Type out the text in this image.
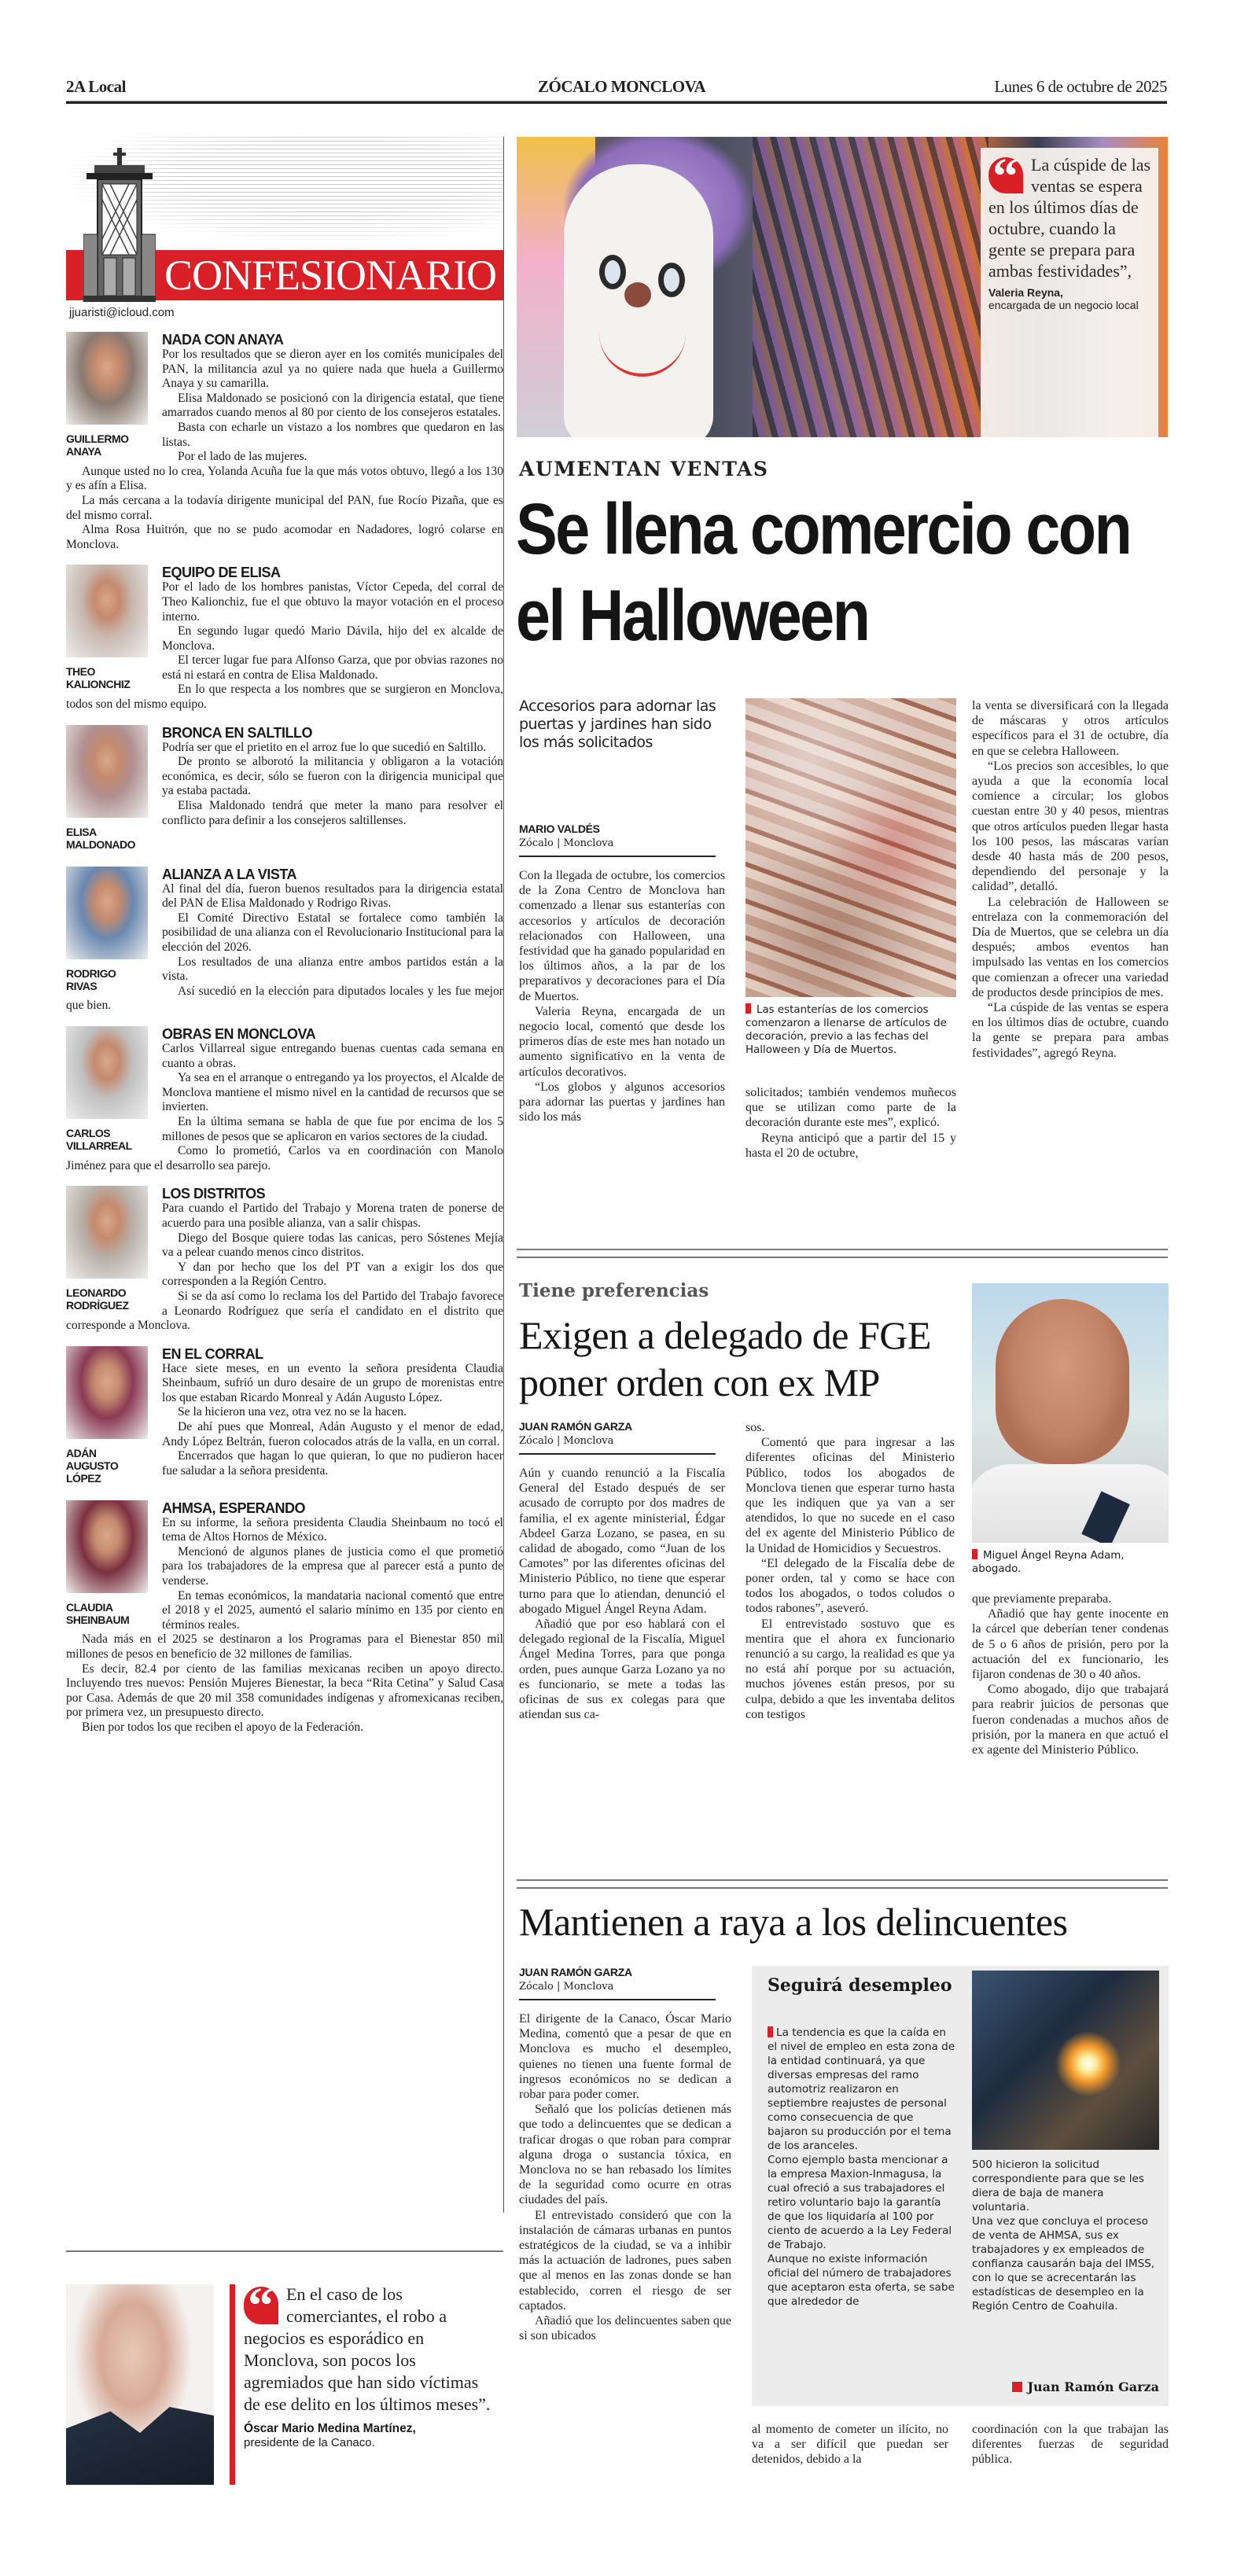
2A Local	ZÓCALO MONCLOVA	Lunes 6 de octubre de 2025
CONFESIONARIO
jjuaristi@icloud.com
GUILLERMO ANAYA
NADA CON ANAYA

Por los resultados que se dieron ayer en los comités municipales del PAN, la militancia azul ya no quiere nada que huela a Guillermo Anaya y su camarilla.

Elisa Maldonado se posicionó con la dirigencia estatal, que tiene amarrados cuando menos al 80 por ciento de los consejeros estatales.

Basta con echarle un vistazo a los nombres que quedaron en las listas.

Por el lado de las mujeres.

Aunque usted no lo crea, Yolanda Acuña fue la que más votos obtuvo, llegó a los 130 y es afín a Elisa.

La más cercana a la todavía dirigente municipal del PAN, fue Rocío Pizaña, que es del mismo corral.

Alma Rosa Huitrón, que no se pudo acomodar en Nadadores, logró colarse en Monclova.

THEO KALIONCHIZ
EQUIPO DE ELISA

Por el lado de los hombres panistas, Víctor Cepeda, del corral de Theo Kalionchiz, fue el que obtuvo la mayor votación en el proceso interno.

En segundo lugar quedó Mario Dávila, hijo del ex alcalde de Monclova.

El tercer lugar fue para Alfonso Garza, que por obvias razones no está ni estará en contra de Elisa Maldonado.

En lo que respecta a los nombres que se surgieron en Monclova, todos son del mismo equipo.

ELISA MALDONADO
BRONCA EN SALTILLO

Podría ser que el prietito en el arroz fue lo que sucedió en Saltillo.

De pronto se alborotó la militancia y obligaron a la votación económica, es decir, sólo se fueron con la dirigencia municipal que ya estaba pactada.

Elisa Maldonado tendrá que meter la mano para resolver el conflicto para definir a los consejeros saltillenses.

RODRIGO RIVAS
ALIANZA A LA VISTA

Al final del día, fueron buenos resultados para la dirigencia estatal del PAN de Elisa Maldonado y Rodrigo Rivas.

El Comité Directivo Estatal se fortalece como también la posibilidad de una alianza con el Revolucionario Institucional para la elección del 2026.

Los resultados de una alianza entre ambos partidos están a la vista.

Así sucedió en la elección para diputados locales y les fue mejor que bien.

CARLOS VILLARREAL
OBRAS EN MONCLOVA

Carlos Villarreal sigue entregando buenas cuentas cada semana en cuanto a obras.

Ya sea en el arranque o entregando ya los proyectos, el Alcalde de Monclova mantiene el mismo nivel en la cantidad de recursos que se invierten.

En la última semana se habla de que fue por encima de los 5 millones de pesos que se aplicaron en varios sectores de la ciudad.

Como lo prometió, Carlos va en coordinación con Manolo Jiménez para que el desarrollo sea parejo.

LEONARDO RODRÍGUEZ
LOS DISTRITOS

Para cuando el Partido del Trabajo y Morena traten de ponerse de acuerdo para una posible alianza, van a salir chispas.

Diego del Bosque quiere todas las canicas, pero Sóstenes Mejía va a pelear cuando menos cinco distritos.

Y dan por hecho que los del PT van a exigir los dos que corresponden a la Región Centro.

Si se da así como lo reclama los del Partido del Trabajo favorece a Leonardo Rodríguez que sería el candidato en el distrito que corresponde a Monclova.

ADÁN AUGUSTO LÓPEZ
EN EL CORRAL

Hace siete meses, en un evento la señora presidenta Claudia Sheinbaum, sufrió un duro desaire de un grupo de morenistas entre los que estaban Ricardo Monreal y Adán Augusto López.

Se la hicieron una vez, otra vez no se la hacen.

De ahí pues que Monreal, Adán Augusto y el menor de edad, Andy López Beltrán, fueron colocados atrás de la valla, en un corral.

Encerrados que hagan lo que quieran, lo que no pudieron hacer fue saludar a la señora presidenta.

CLAUDIA SHEINBAUM
AHMSA, ESPERANDO

En su informe, la señora presidenta Claudia Sheinbaum no tocó el tema de Altos Hornos de México.

Mencionó de algunos planes de justicia como el que prometió para los trabajadores de la empresa que al parecer está a punto de venderse.

En temas económicos, la mandataria nacional comentó que entre el 2018 y el 2025, aumentó el salario mínimo en 135 por ciento en términos reales.

Nada más en el 2025 se destinaron a los Programas para el Bienestar 850 mil millones de pesos en beneficio de 32 millones de familias.

Es decir, 82.4 por ciento de las familias mexicanas reciben un apoyo directo. Incluyendo tres nuevos: Pensión Mujeres Bienestar, la beca “Rita Cetina” y Salud Casa por Casa. Además de que 20 mil 358 comunidades indígenas y afromexicanas reciben, por primera vez, un presupuesto directo.

Bien por todos los que reciben el apoyo de la Federación.

“ En el caso de los comerciantes, el robo a negocios es esporádico en Monclova, son pocos los agremiados que han sido víctimas de ese delito en los últimos meses”.
Óscar Mario Medina Martínez,
presidente de la Canaco.
“ La cúspide de las ventas se espera en los últimos días de octubre, cuando la gente se prepara para ambas festividades”,
Valeria Reyna,
encargada de un negocio local
AUMENTAN VENTAS
Se llena comercio con el Halloween
Accesorios para adornar las puertas y jardines han sido los más solicitados
MARIO VALDÉS
Zócalo | Monclova

Con la llegada de octubre, los comercios de la Zona Centro de Monclova han comenzado a llenar sus estanterías con accesorios y artículos de decoración relacionados con Halloween, una festividad que ha ganado popularidad en los últimos años, a la par de los preparativos y decoraciones para el Día de Muertos.

Valeria Reyna, encargada de un negocio local, comentó que desde los primeros días de este mes han notado un aumento significativo en la venta de artículos decorativos.

“Los globos y algunos accesorios para adornar las puertas y jardines han sido los más

Las estanterías de los comercios comenzaron a llenarse de artículos de decoración, previo a las fechas del Halloween y Día de Muertos.

solicitados; también vendemos muñecos que se utilizan como parte de la decoración durante este mes”, explicó.

Reyna anticipó que a partir del 15 y hasta el 20 de octubre,

la venta se diversificará con la llegada de máscaras y otros artículos específicos para el 31 de octubre, día en que se celebra Halloween.

“Los precios son accesibles, lo que ayuda a que la economía local comience a circular; los globos cuestan entre 30 y 40 pesos, mientras que otros artículos pueden llegar hasta los 100 pesos, las máscaras varían desde 40 hasta más de 200 pesos, dependiendo del personaje y la calidad”, detalló.

La celebración de Halloween se entrelaza con la conmemoración del Día de Muertos, que se celebra un día después; ambos eventos han impulsado las ventas en los comercios que comienzan a ofrecer una variedad de productos desde principios de mes.

“La cúspide de las ventas se espera en los últimos días de octubre, cuando la gente se prepara para ambas festividades”, agregó Reyna.

Tiene preferencias
Exigen a delegado de FGE poner orden con ex MP
JUAN RAMÓN GARZA
Zócalo | Monclova

Aún y cuando renunció a la Fiscalía General del Estado después de ser acusado de corrupto por dos madres de familia, el ex agente ministerial, Édgar Abdeel Garza Lozano, se pasea, en su calidad de abogado, como “Juan de los Camotes” por las diferentes oficinas del Ministerio Público, no tiene que esperar turno para que lo atiendan, denunció el abogado Miguel Ángel Reyna Adam.

Añadió que por eso hablará con el delegado regional de la Fiscalía, Miguel Ángel Medina Torres, para que ponga orden, pues aunque Garza Lozano ya no es funcionario, se mete a todas las oficinas de sus ex colegas para que atiendan sus ca-

sos.

Comentó que para ingresar a las diferentes oficinas del Ministerio Público, todos los abogados de Monclova tienen que esperar turno hasta que les indiquen que ya van a ser atendidos, lo que no sucede en el caso del ex agente del Ministerio Público de la Unidad de Homicidios y Secuestros.

“El delegado de la Fiscalía debe de poner orden, tal y como se hace con todos los abogados, o todos coludos o todos rabones”, aseveró.

El entrevistado sostuvo que es mentira que el ahora ex funcionario renunció a su cargo, la realidad es que ya no está ahí porque por su actuación, muchos jóvenes están presos, por su culpa, debido a que les inventaba delitos con testigos

Miguel Ángel Reyna Adam, abogado.

que previamente preparaba.

Añadió que hay gente inocente en la cárcel que deberían tener condenas de 5 o 6 años de prisión, pero por la actuación del ex funcionario, les fijaron condenas de 30 o 40 años.

Como abogado, dijo que trabajará para reabrir juicios de personas que fueron condenadas a muchos años de prisión, por la manera en que actuó el ex agente del Ministerio Público.

Mantienen a raya a los delincuentes
JUAN RAMÓN GARZA
Zócalo | Monclova

El dirigente de la Canaco, Óscar Mario Medina, comentó que a pesar de que en Monclova es mucho el desempleo, quienes no tienen una fuente formal de ingresos económicos no se dedican a robar para poder comer.

Señaló que los policías detienen más que todo a delincuentes que se dedican a traficar drogas o que roban para comprar alguna droga o sustancia tóxica, en Monclova no se han rebasado los límites de la seguridad como ocurre en otras ciudades del país.

El entrevistado consideró que con la instalación de cámaras urbanas en puntos estratégicos de la ciudad, se va a inhibir más la actuación de ladrones, pues saben que al menos en las zonas donde se han establecido, corren el riesgo de ser captados.

Añadió que los delincuentes saben que si son ubicados

Seguirá desempleo
La tendencia es que la caída en el nivel de empleo en esta zona de la entidad continuará, ya que diversas empresas del ramo automotriz realizaron en septiembre reajustes de personal como consecuencia de que bajaron su producción por el tema de los aranceles.
Como ejemplo basta mencionar a la empresa Maxion-Inmagusa, la cual ofreció a sus trabajadores el retiro voluntario bajo la garantía de que los liquidaría al 100 por ciento de acuerdo a la Ley Federal de Trabajo.
Aunque no existe información oficial del número de trabajadores que aceptaron esta oferta, se sabe que alrededor de
500 hicieron la solicitud correspondiente para que se les diera de baja de manera voluntaria.
Una vez que concluya el proceso de venta de AHMSA, sus ex trabajadores y ex empleados de confianza causarán baja del IMSS, con lo que se acrecentarán las estadísticas de desempleo en la Región Centro de Coahuila.
Juan Ramón Garza

al momento de cometer un ilícito, no va a ser difícil que puedan ser detenidos, debido a la

coordinación con la que trabajan las diferentes fuerzas de seguridad pública.
